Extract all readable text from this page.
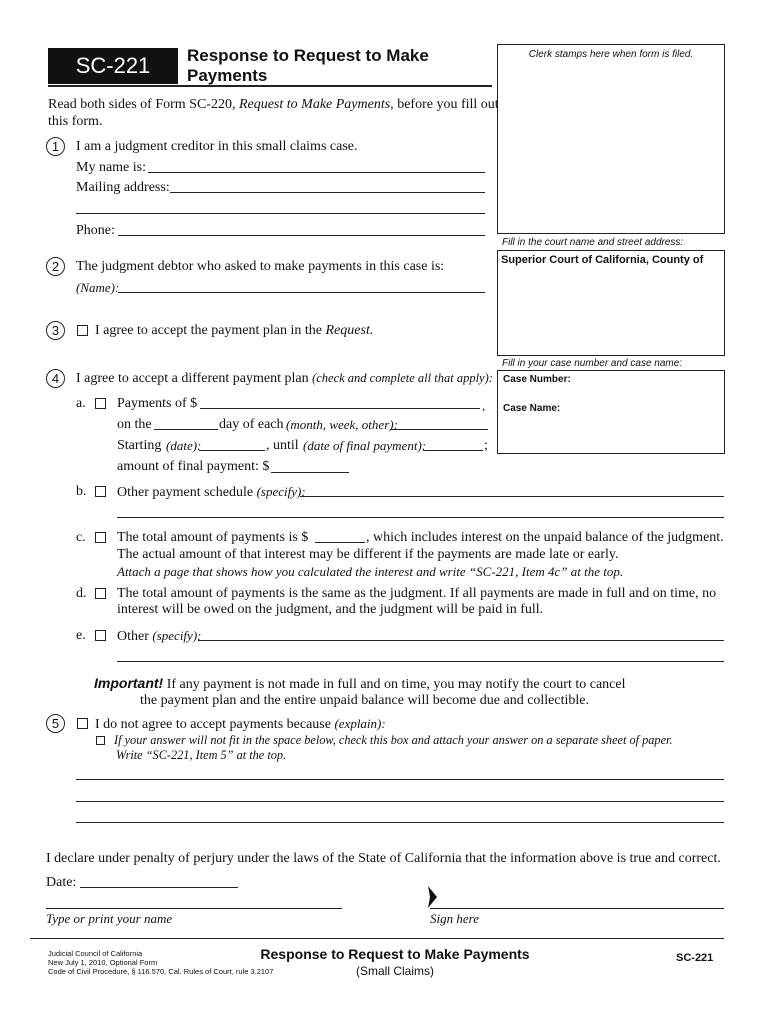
SC-221	Response to Request to Make
Payments
Clerk stamps here when form is filed.
Fill in the court name and street address:
Superior Court of California, County of
Fill in your case number and case name:
Case Number:
Case Name:
Read both sides of Form SC-220, Request to Make Payments, before you fill out
this form.
1	I am a judgment creditor in this small claims case.
My name is:
Mailing address:
Phone:
2	The judgment debtor who asked to make payments in this case is:
(Name):
3	I agree to accept the payment plan in the Request.
4	I agree to accept a different payment plan (check and complete all that apply):
a. Payments of $	,
on the	day of each (month, week, other):
Starting (date):	, until (date of final payment):	;
amount of final payment: $
b. Other payment schedule (specify):
c. The total amount of payments is $	, which includes interest on the unpaid balance of the judgment.
The actual amount of that interest may be different if the payments are made late or early.
Attach a page that shows how you calculated the interest and write “SC-221, Item 4c” at the top.
d. The total amount of payments is the same as the judgment. If all payments are made in full and on time, no
interest will be owed on the judgment, and the judgment will be paid in full.
e. Other (specify):
Important! If any payment is not made in full and on time, you may notify the court to cancel
the payment plan and the entire unpaid balance will become due and collectible.
5	I do not agree to accept payments because (explain):
If your answer will not fit in the space below, check this box and attach your answer on a separate sheet of paper.
Write “SC-221, Item 5” at the top.
I declare under penalty of perjury under the laws of the State of California that the information above is true and correct.
Date:
Type or print your name	Sign here
Judicial Council of California
New July 1, 2010, Optional Form
Code of Civil Procedure, § 116.570, Cal. Rules of Court, rule 3.2107
Response to Request to Make Payments
(Small Claims)
SC-221
